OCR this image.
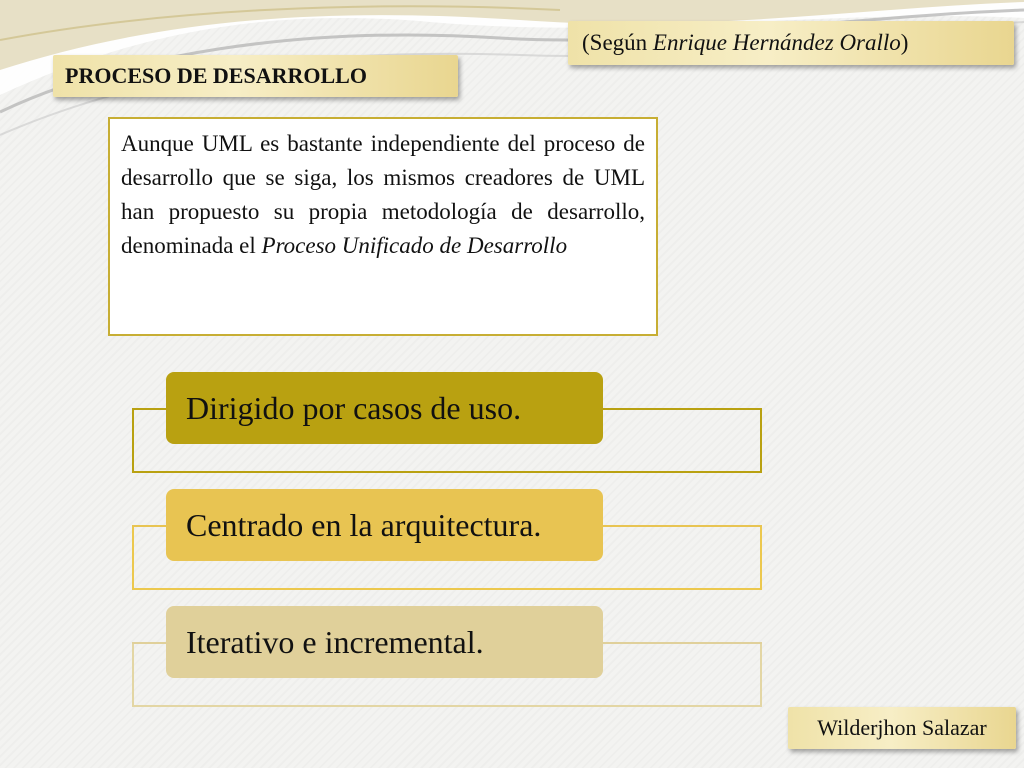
(Según Enrique Hernández Orallo)
PROCESO DE DESARROLLO
Aunque UML es bastante independiente del proceso de desarrollo que se siga, los mismos creadores de UML han propuesto su propia metodología de desarrollo, denominada el Proceso Unificado de Desarrollo
Dirigido por casos de uso.
Centrado en la arquitectura.
Iterativo e incremental.
Wilderjhon Salazar
